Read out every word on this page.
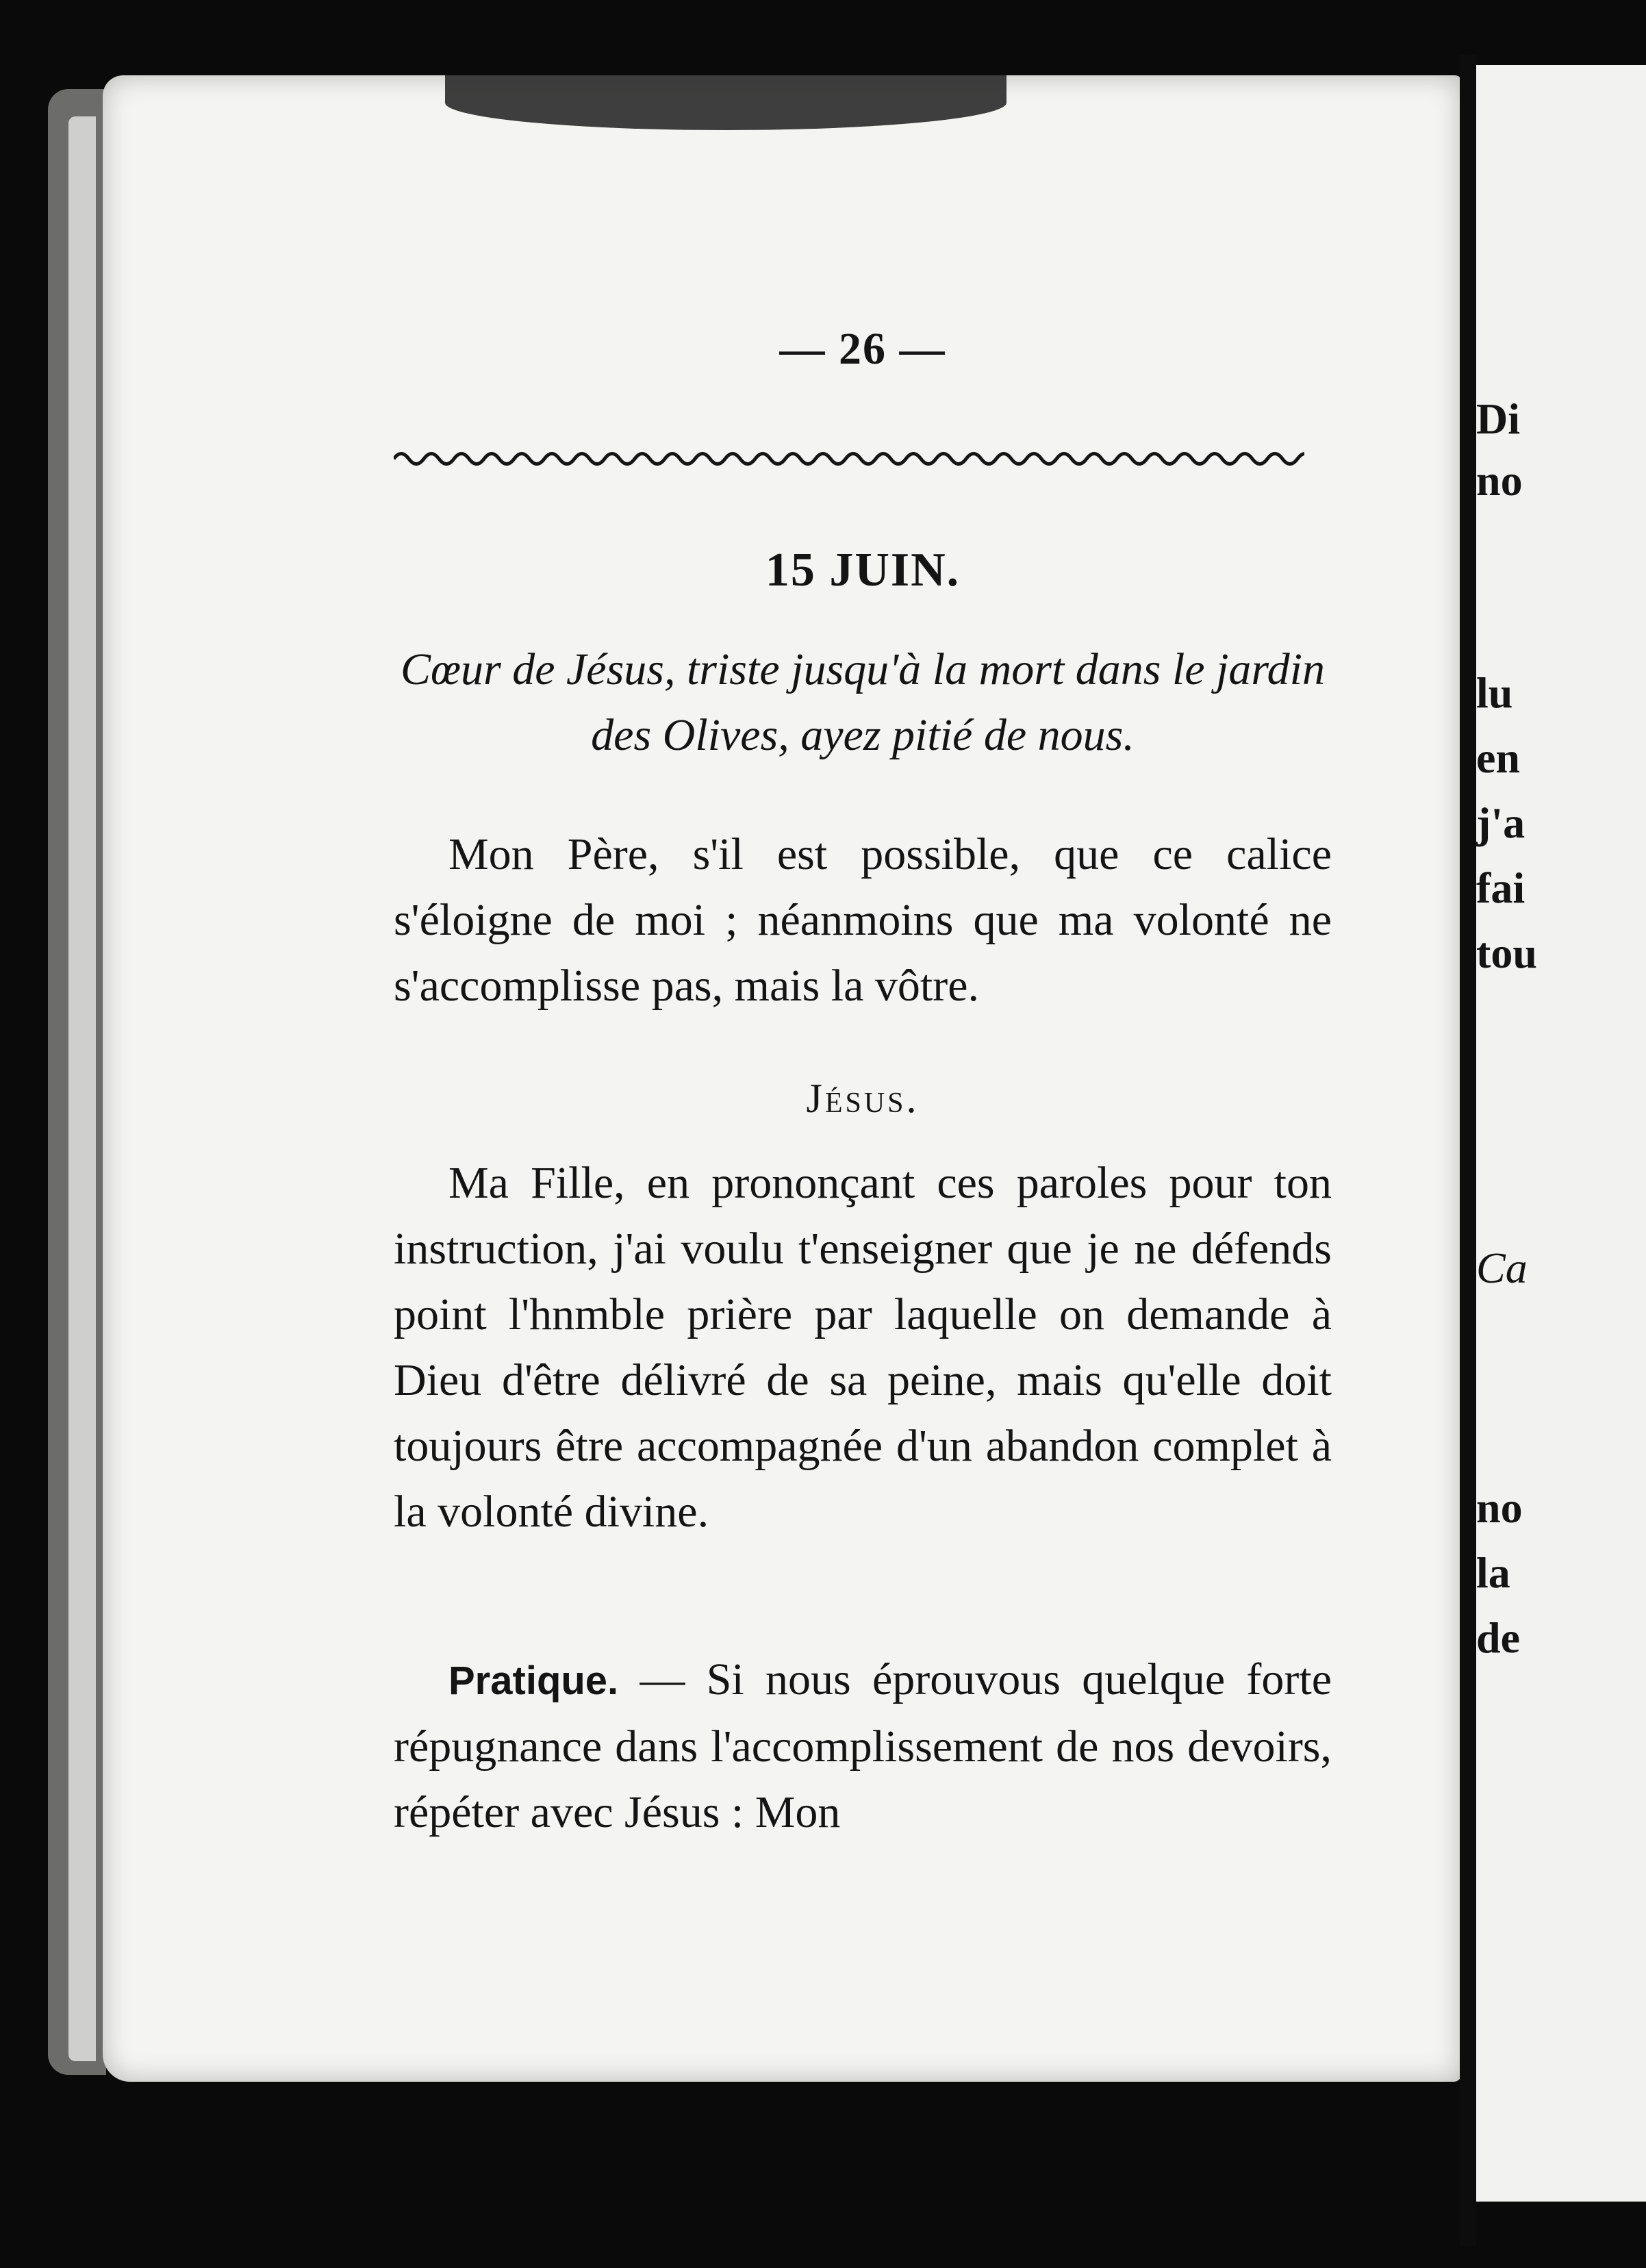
Di
no
lu
en
j'a
fai
tou
Ca
no
la
de
— 26 —
15 JUIN.
Cœur de Jésus, triste jusqu'à la mort dans le jardin des Olives, ayez pitié de nous.
Mon Père, s'il est possible, que ce calice s'éloigne de moi ; néanmoins que ma volonté ne s'accomplisse pas, mais la vôtre.
Jésus.
Ma Fille, en prononçant ces paroles pour ton instruction, j'ai voulu t'enseigner que je ne défends point l'hnmble prière par laquelle on demande à Dieu d'être délivré de sa peine, mais qu'elle doit toujours être accompagnée d'un abandon complet à la volonté divine.
Pratique. — Si nous éprouvous quelque forte répugnance dans l'accomplissement de nos devoirs, répéter avec Jésus : Mon
